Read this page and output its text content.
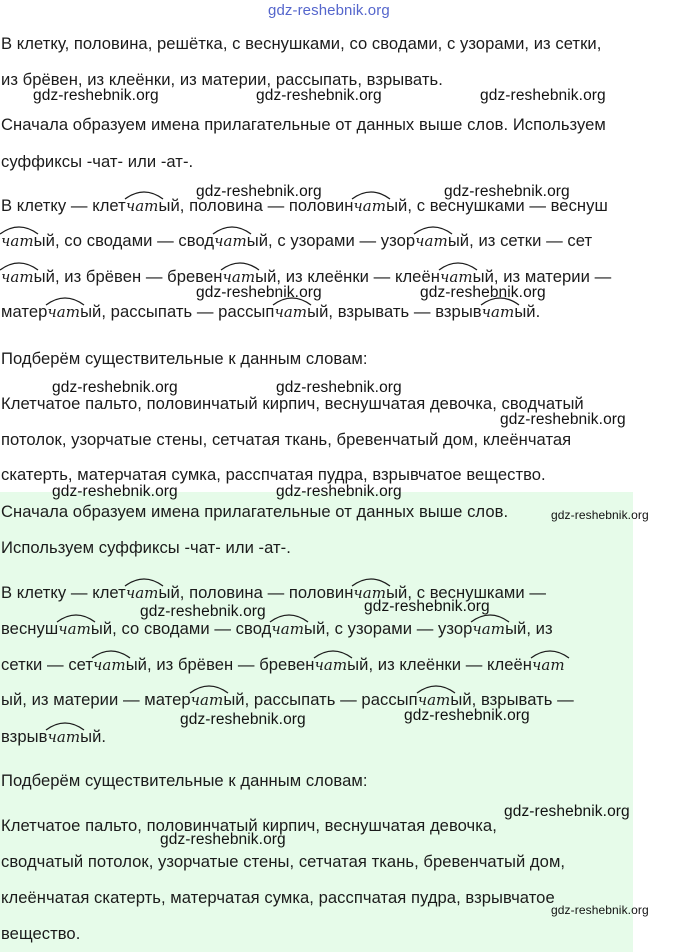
В клетку, половина, решётка, с веснушками, со сводами, с узорами, из сетки,

из брёвен, из клеёнки, из материи, рассыпать, взрывать.

Сначала образуем имена прилагательные от данных выше слов. Используем

суффиксы -чат- или -ат-.

В клетку — клетчат
ый, половина — половинчат
ый, с веснушками — веснуш

чат
ый, со сводами — сводчат
ый, с узорами — узорчат
ый, из сетки — сет

чат
ый, из брёвен — бревенчат
ый, из клеёнки — клеёнчат
ый, из материи —

матерчат
ый, рассыпать — рассыпчат
ый, взрывать — взрывчат
ый.

Подберём существительные к данным словам:

Клетчатое пальто, половинчатый кирпич, веснушчатая девочка, сводчатый

потолок, узорчатые стены, сетчатая ткань, бревенчатый дом, клеёнчатая

скатерть, матерчатая сумка, расспчатая пудра, взрывчатое вещество.

Сначала образуем имена прилагательные от данных выше слов.

Используем суффиксы -чат- или -ат-.

В клетку — клетчат
ый, половина — половинчат
ый, с веснушками —

веснушчат
ый, со сводами — сводчат
ый, с узорами — узорчат
ый, из

сетки — сетчат
ый, из брёвен — бревенчат
ый, из клеёнки — клеёнчат

ый, из материи — матерчат
ый, рассыпать — рассыпчат
ый, взрывать —

взрывчат
ый.

Подберём существительные к данным словам:

Клетчатое пальто, половинчатый кирпич, веснушчатая девочка,

сводчатый потолок, узорчатые стены, сетчатая ткань, бревенчатый дом,

клеёнчатая скатерть, матерчатая сумка, расспчатая пудра, взрывчатое

вещество.

gdz-reshebnik.org
gdz-reshebnik.org	gdz-reshebnik.org	gdz-reshebnik.org
gdz-reshebnik.org	gdz-reshebnik.org
gdz-reshebnik.org	gdz-reshebnik.org
gdz-reshebnik.org	gdz-reshebnik.org
gdz-reshebnik.org
gdz-reshebnik.org	gdz-reshebnik.org
gdz-reshebnik.org
gdz-reshebnik.org
gdz-reshebnik.org
gdz-reshebnik.org
gdz-reshebnik.org
gdz-reshebnik.org
gdz-reshebnik.org
gdz-reshebnik.org
